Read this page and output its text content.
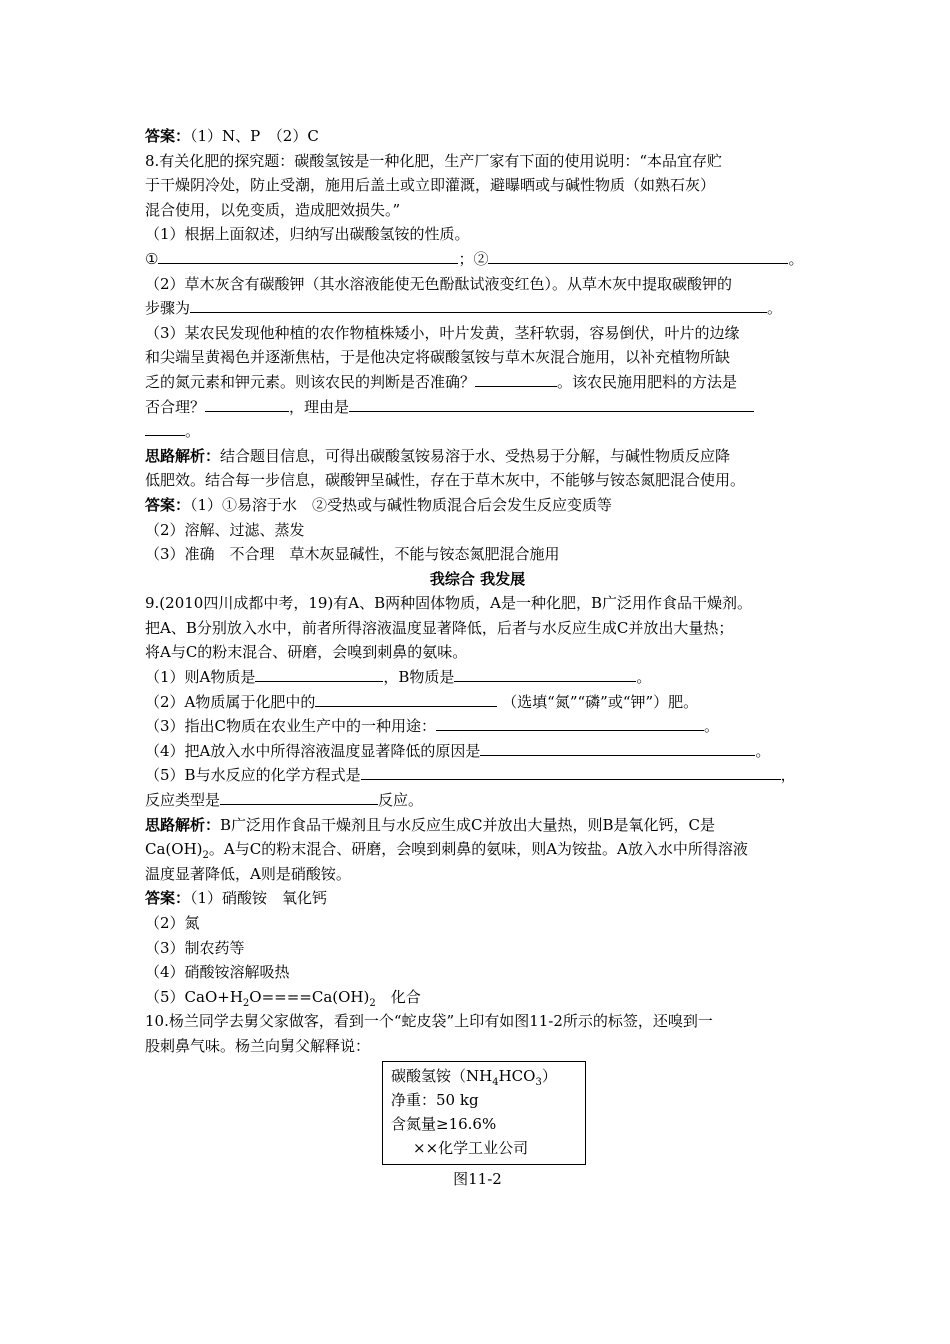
答案：（1）N、P　（2）C
8.有关化肥的探究题：碳酸氢铵是一种化肥，生产厂家有下面的使用说明：“本品宜存贮
于干燥阴冷处，防止受潮，施用后盖土或立即灌溉，避曝晒或与碱性物质（如熟石灰）
混合使用，以免变质，造成肥效损失。”
（1）根据上面叙述，归纳写出碳酸氢铵的性质。
①	；②	。
（2）草木灰含有碳酸钾（其水溶液能使无色酚酞试液变红色）。从草木灰中提取碳酸钾的
步骤为	。
（3）某农民发现他种植的农作物植株矮小，叶片发黄，茎秆软弱，容易倒伏，叶片的边缘
和尖端呈黄褐色并逐渐焦枯，于是他决定将碳酸氢铵与草木灰混合施用，以补充植物所缺
乏的氮元素和钾元素。则该农民的判断是否准确？	。该农民施用肥料的方法是
否合理？	，理由是
。
思路解析：结合题目信息，可得出碳酸氢铵易溶于水、受热易于分解，与碱性物质反应降
低肥效。结合每一步信息，碳酸钾呈碱性，存在于草木灰中，不能够与铵态氮肥混合使用。
答案：（1）①易溶于水　②受热或与碱性物质混合后会发生反应变质等
（2）溶解、过滤、蒸发
（3）准确　不合理　草木灰显碱性，不能与铵态氮肥混合施用
我综合 我发展
9.(2010四川成都中考，19)有A、B两种固体物质，A是一种化肥，B广泛用作食品干燥剂。
把A、B分别放入水中，前者所得溶液温度显著降低，后者与水反应生成C并放出大量热；
将A与C的粉末混合、研磨，会嗅到刺鼻的氨味。
（1）则A物质是	，B物质是	。
（2）A物质属于化肥中的	（选填“氮”“磷”或“钾”）肥。
（3）指出C物质在农业生产中的一种用途：	。
（4）把A放入水中所得溶液温度显著降低的原因是	。
（5）B与水反应的化学方程式是	，
反应类型是	反应。
思路解析：B广泛用作食品干燥剂且与水反应生成C并放出大量热，则B是氧化钙，C是
$Ca(OH)_2$。A与C的粉末混合、研磨，会嗅到刺鼻的氨味，则A为铵盐。A放入水中所得溶液
温度显著降低，A则是硝酸铵。
答案：（1）硝酸铵　氧化钙
（2）氮
（3）制农药等
（4）硝酸铵溶解吸热
$(5)CaO+H_2O====Ca(OH)_2$　化合
10.杨兰同学去舅父家做客，看到一个“蛇皮袋”上印有如图11-2所示的标签，还嗅到一
股刺鼻气味。杨兰向舅父解释说：
碳酸氢铵$(NH_4HCO_3)$
净重：50 kg
含氮量≥16.6%
××化学工业公司
图11-2
